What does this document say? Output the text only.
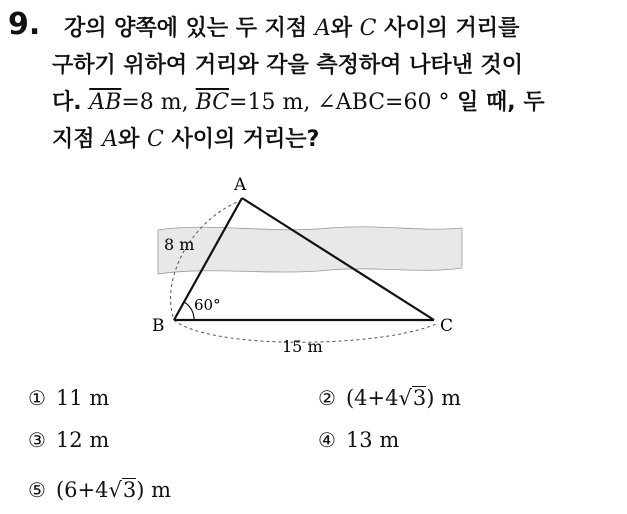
9.	강의 양쪽에 있는 두 지점 A와 C 사이의 거리를
구하기 위하여 거리와 각을 측정하여 나타낸 것이
다. $\overline{AB}=8$ m, $\overline{BC}=15$ m, ∠ABC=60 ° 일 때, 두
지점 A와 C 사이의 거리는?
A
B	C
8 m
15 m
60°
① 11 m	② (4+4√3) m
③ 12 m	④ 13 m
⑤ (6+4√3) m
